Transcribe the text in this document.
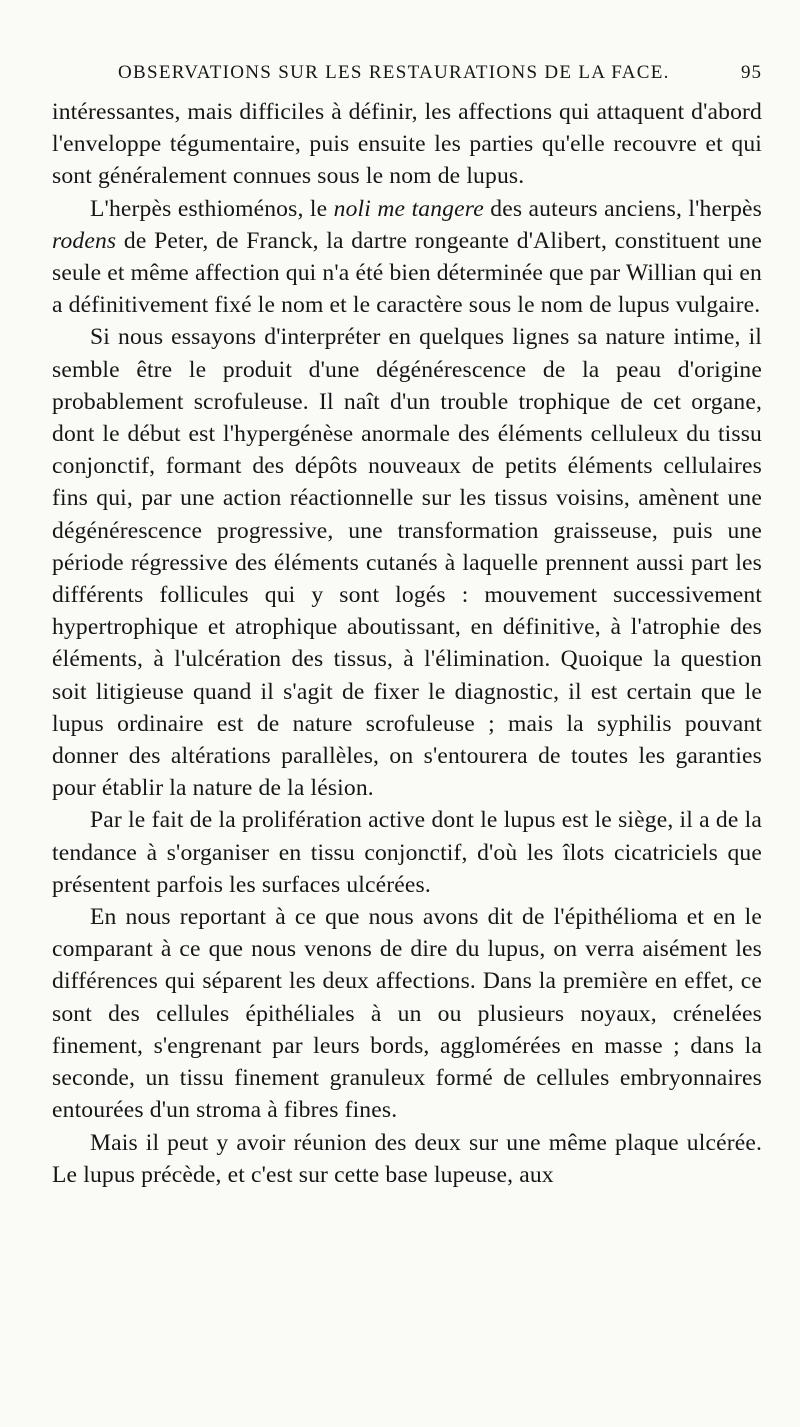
OBSERVATIONS SUR LES RESTAURATIONS DE LA FACE.	95

intéressantes, mais difficiles à définir, les affections qui attaquent d'abord l'enveloppe tégumentaire, puis ensuite les parties qu'elle recouvre et qui sont généralement connues sous le nom de lupus.

L'herpès esthioménos, le noli me tangere des auteurs anciens, l'herpès rodens de Peter, de Franck, la dartre rongeante d'Alibert, constituent une seule et même affection qui n'a été bien déterminée que par Willian qui en a définitivement fixé le nom et le caractère sous le nom de lupus vulgaire.

Si nous essayons d'interpréter en quelques lignes sa nature intime, il semble être le produit d'une dégénérescence de la peau d'origine probablement scrofuleuse. Il naît d'un trouble trophique de cet organe, dont le début est l'hypergénèse anormale des éléments celluleux du tissu conjonctif, formant des dépôts nouveaux de petits éléments cellulaires fins qui, par une action réactionnelle sur les tissus voisins, amènent une dégénérescence progressive, une transformation graisseuse, puis une période régressive des éléments cutanés à laquelle prennent aussi part les différents follicules qui y sont logés : mouvement successivement hypertrophique et atrophique aboutissant, en définitive, à l'atrophie des éléments, à l'ulcération des tissus, à l'élimination. Quoique la question soit litigieuse quand il s'agit de fixer le diagnostic, il est certain que le lupus ordinaire est de nature scrofuleuse ; mais la syphilis pouvant donner des altérations parallèles, on s'entourera de toutes les garanties pour établir la nature de la lésion.

Par le fait de la prolifération active dont le lupus est le siège, il a de la tendance à s'organiser en tissu conjonctif, d'où les îlots cicatriciels que présentent parfois les surfaces ulcérées.

En nous reportant à ce que nous avons dit de l'épithélioma et en le comparant à ce que nous venons de dire du lupus, on verra aisément les différences qui séparent les deux affections. Dans la première en effet, ce sont des cellules épithéliales à un ou plusieurs noyaux, crénelées finement, s'engrenant par leurs bords, agglomérées en masse ; dans la seconde, un tissu finement granuleux formé de cellules embryonnaires entourées d'un stroma à fibres fines.

Mais il peut y avoir réunion des deux sur une même plaque ulcérée. Le lupus précède, et c'est sur cette base lupeuse, aux
